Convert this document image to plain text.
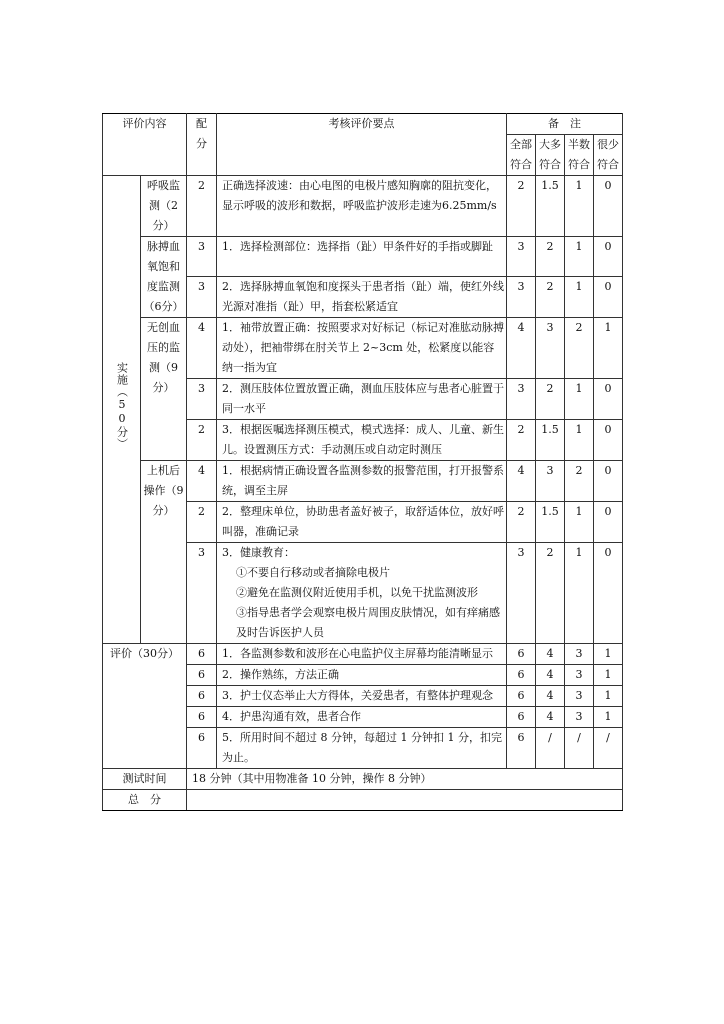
评价内容		配分	考核评价要点	备　注			
				全部符合	大多符合	半数符合	很少符合
实施（50分）	呼吸监测（2分）	2	正确选择波速：由心电图的电极片感知胸廓的阻抗变化，显示呼吸的波形和数据，呼吸监护波形走速为6.25mm/s	2	1.5	1	0
	脉搏血氧饱和度监测（6分）	3	1．选择检测部位：选择指（趾）甲条件好的手指或脚趾	3	2	1	0
		3	2．选择脉搏血氧饱和度探头于患者指（趾）端，使红外线光源对准指（趾）甲，指套松紧适宜	3	2	1	0
	无创血压的监测（9分）	4	1．袖带放置正确：按照要求对好标记（标记对准肱动脉搏动处），把袖带绑在肘关节上 2~3cm 处，松紧度以能容纳一指为宜	4	3	2	1
		3	2．测压肢体位置放置正确，测血压肢体应与患者心脏置于同一水平	3	2	1	0
		2	3．根据医嘱选择测压模式，模式选择：成人、儿童、新生儿。设置测压方式：手动测压或自动定时测压	2	1.5	1	0
	上机后操作（9分）	4	1．根据病情正确设置各监测参数的报警范围，打开报警系统，调至主屏	4	3	2	0
		2	2．整理床单位，协助患者盖好被子，取舒适体位，放好呼叫器，准确记录	2	1.5	1	0
		3	3．健康教育：
①不要自行移动或者摘除电极片
②避免在监测仪附近使用手机，以免干扰监测波形
③指导患者学会观察电极片周围皮肤情况，如有痒痛感及时告诉医护人员	3	2	1	0
评价（30分）		6	1．各监测参数和波形在心电监护仪主屏幕均能清晰显示	6	4	3	1
		6	2．操作熟练，方法正确	6	4	3	1
		6	3．护士仪态举止大方得体，关爱患者，有整体护理观念	6	4	3	1
		6	4．护患沟通有效，患者合作	6	4	3	1
		6	5．所用时间不超过 8 分钟，每超过 1 分钟扣 1 分，扣完为止。	6	/	/	/
测试时间		18 分钟（其中用物准备 10 分钟，操作 8 分钟）					
总　分							
